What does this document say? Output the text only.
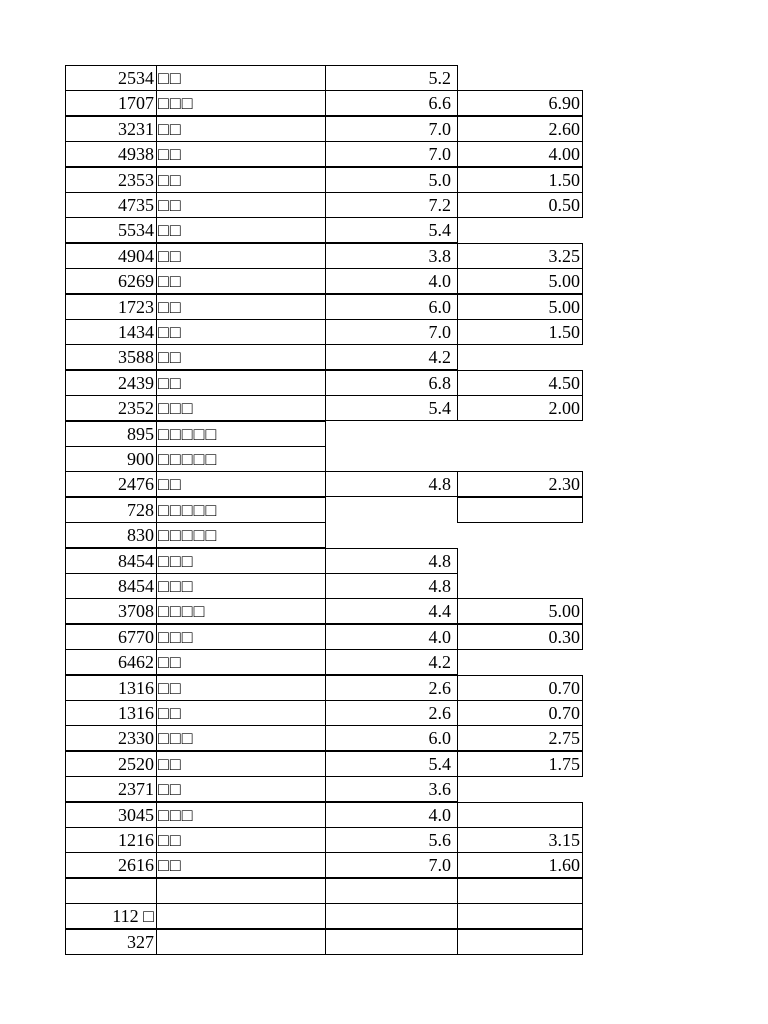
2534 □□	5.2
1707 □□□	6.6	6.90
3231 □□	7.0	2.60
4938 □□	7.0	4.00
2353 □□	5.0	1.50
4735 □□	7.2	0.50
5534 □□	5.4
4904 □□	3.8	3.25
6269 □□	4.0	5.00
1723 □□	6.0	5.00
1434 □□	7.0	1.50
3588 □□	4.2
2439 □□	6.8	4.50
2352 □□□	5.4	2.00
895 □□□□□
900 □□□□□
2476 □□	4.8	2.30
728 □□□□□
830 □□□□□
8454 □□□	4.8
8454 □□□	4.8
3708 □□□□	4.4	5.00
6770 □□□	4.0	0.30
6462 □□	4.2
1316 □□	2.6	0.70
1316 □□	2.6	0.70
2330 □□□	6.0	2.75
2520 □□	5.4	1.75
2371 □□	3.6
3045 □□□	4.0
1216 □□	5.6	3.15
2616 □□	7.0	1.60
112 □
327
